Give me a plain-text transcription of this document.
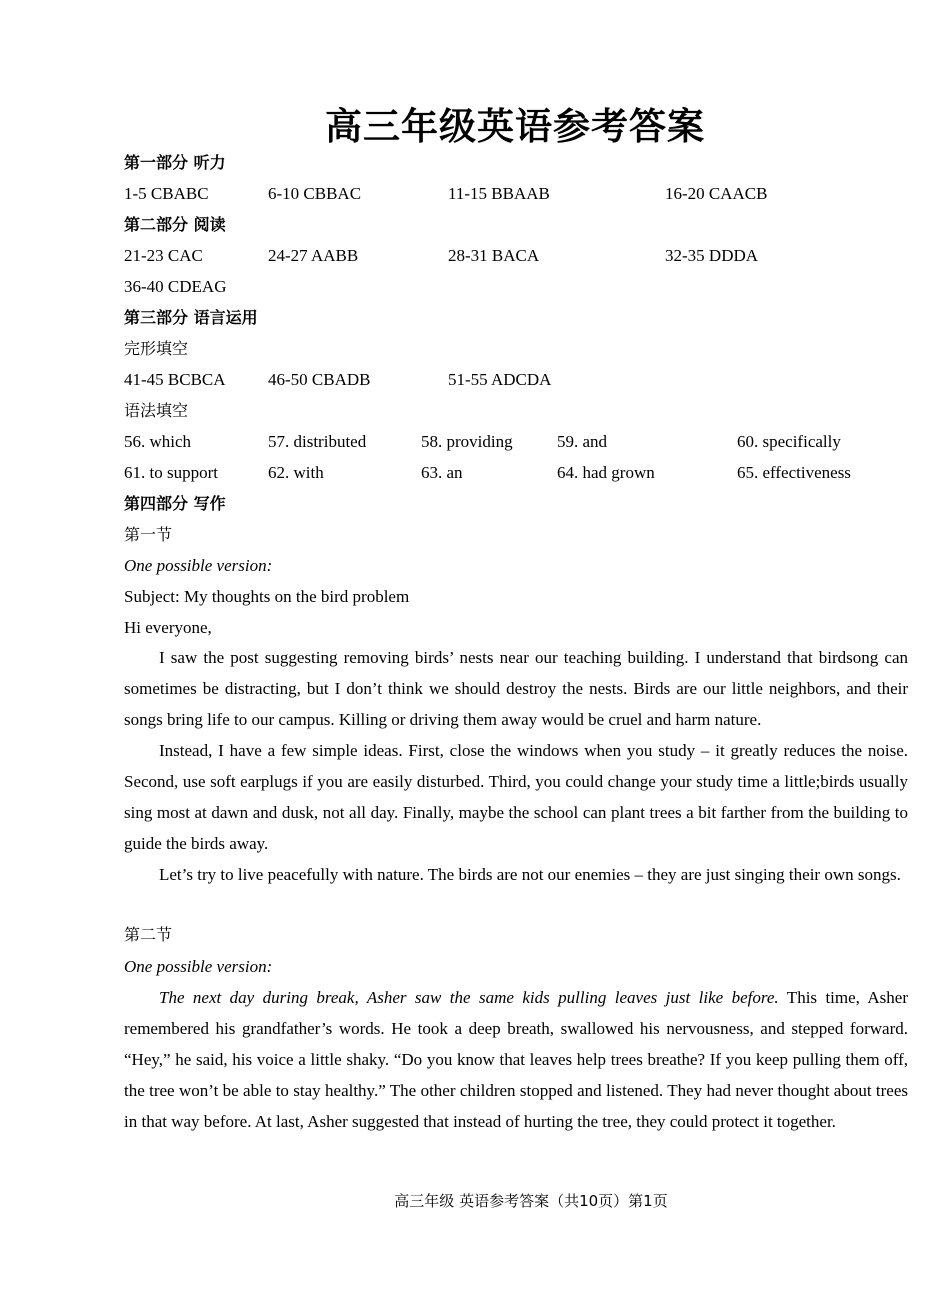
高三年级英语参考答案
第一部分 听力
1-5 CBABC	6-10 CBBAC	11-15 BBAAB	16-20 CAACB
第二部分 阅读
21-23 CAC	24-27 AABB	28-31 BACA	32-35 DDDA
36-40 CDEAG
第三部分 语言运用
完形填空
41-45 BCBCA 46-50 CBADB	51-55 ADCDA
语法填空
56. which	57. distributed	58. providing	59. and	60. specifically
61. to support	62. with	63. an	64. had grown	65. effectiveness
第四部分 写作
第一节
One possible version:
Subject: My thoughts on the bird problem
Hi everyone,

I saw the post suggesting removing birds’ nests near our teaching building. I understand that birdsong can sometimes be distracting, but I don’t think we should destroy the nests. Birds are our little neighbors, and their songs bring life to our campus. Killing or driving them away would be cruel and harm nature.

Instead, I have a few simple ideas. First, close the windows when you study – it greatly reduces the noise. Second, use soft earplugs if you are easily disturbed. Third, you could change your study time a little;birds usually sing most at dawn and dusk, not all day. Finally, maybe the school can plant trees a bit farther from the building to guide the birds away.

Let’s try to live peacefully with nature. The birds are not our enemies – they are just singing their own songs.

第二节
One possible version:

The next day during break, Asher saw the same kids pulling leaves just like before. This time, Asher remembered his grandfather’s words. He took a deep breath, swallowed his nervousness, and stepped forward. “Hey,” he said, his voice a little shaky. “Do you know that leaves help trees breathe? If you keep pulling them off, the tree won’t be able to stay healthy.” The other children stopped and listened. They had never thought about trees in that way before. At last, Asher suggested that instead of hurting the tree, they could protect it together.

高三年级 英语参考答案（共10页）第1页
